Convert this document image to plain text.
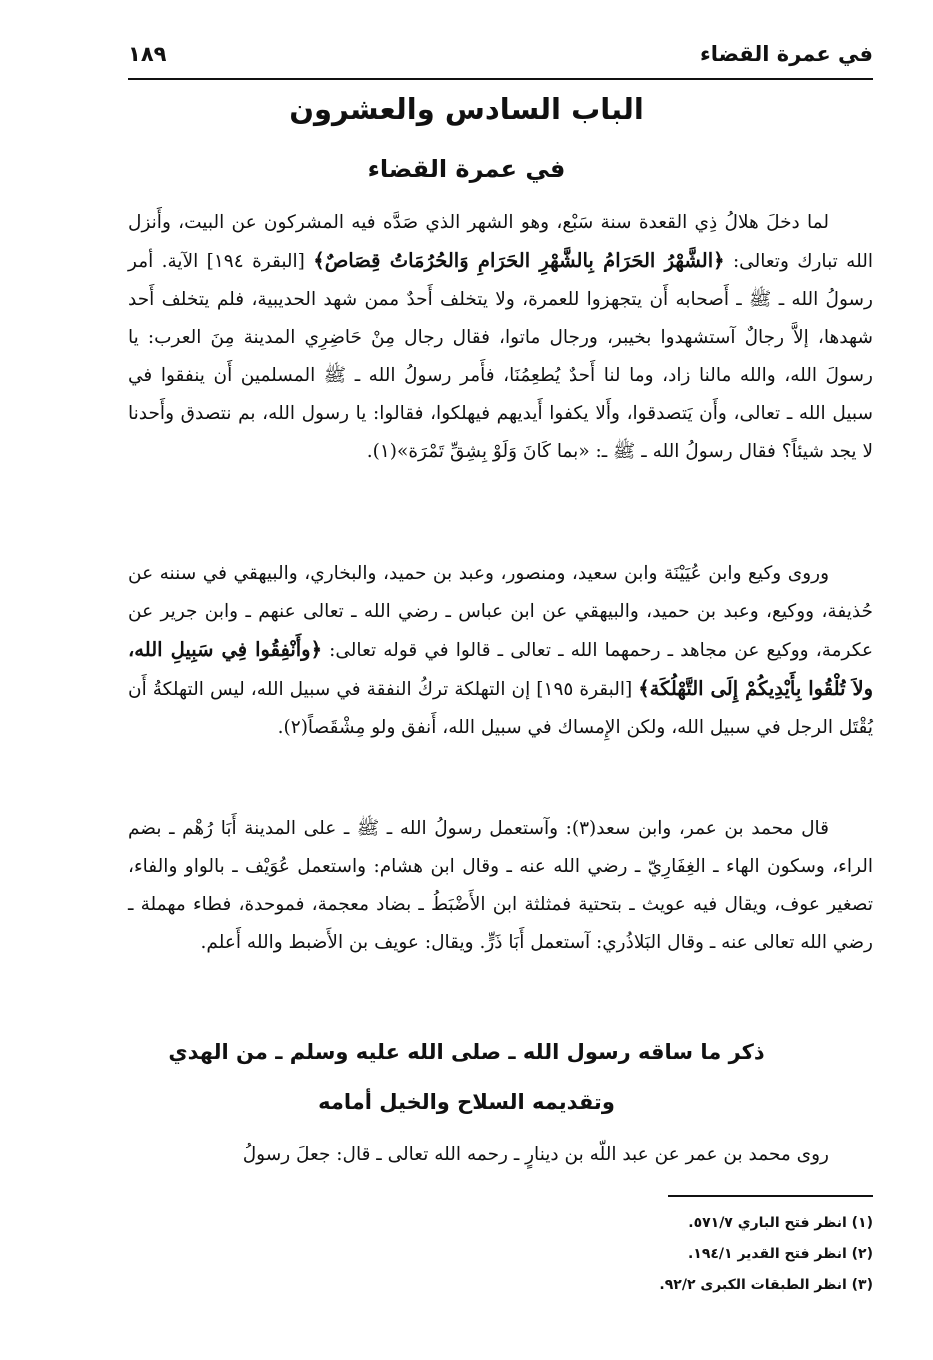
في عمرة القضاء
١٨٩
الباب السادس والعشرون
في عمرة القضاء

لما دخلَ هلالُ ذِي القعدة سنة سَبْع، وهو الشهر الذي صَدَّه فيه المشركون عن البيت، وأَنزل الله تبارك وتعالى: ﴿الشَّهْرُ الحَرَامُ بِالشَّهْرِ الحَرَامِ وَالحُرُمَاتُ قِصَاصٌ﴾ [البقرة ١٩٤] الآية. أمر رسولُ الله ـ ﷺ ـ أَصحابه أَن يتجهزوا للعمرة، ولا يتخلف أَحدٌ ممن شهد الحديبية، فلم يتخلف أَحد شهدها، إلاَّ رجالٌ آستشهدوا بخيبر، ورجال ماتوا، فقال رجال مِنْ حَاضِرِي المدينة مِنَ العرب: يا رسولَ الله، والله مالنا زاد، وما لنا أَحدٌ يُطعِمُنَا، فأَمر رسولُ الله ـ ﷺ المسلمين أَن ينفقوا في سبيل الله ـ تعالى، وأَن يَتصدقوا، وأَلا يكفوا أَيديهم فيهلكوا، فقالوا: يا رسول الله، بم نتصدق وأَحدنا لا يجد شيئاً؟ فقال رسولُ الله ـ ﷺ ـ: «بما كَانَ وَلَوْ بِشِقِّ تَمْرَة»(١).

وروى وكيع وابن عُيَيْنَة وابن سعيد، ومنصور، وعبد بن حميد، والبخاري، والبيهقي في سننه عن حُذيفة، ووكيع، وعبد بن حميد، والبيهقي عن ابن عباس ـ رضي الله ـ تعالى عنهم ـ وابن جرير عن عكرمة، ووكيع عن مجاهد ـ رحمهما الله ـ تعالى ـ قالوا في قوله تعالى: ﴿وأَنْفِقُوا فِي سَبِيلِ الله، ولاَ تُلْقُوا بِأَيْدِيكُمْ إِلَى التَّهْلُكَة﴾ [البقرة ١٩٥] إن التهلكة تركُ النفقة في سبيل الله، ليس التهلكةُ أَن يُقْتَل الرجل في سبيل الله، ولكن الإِمساك في سبيل الله، أَنفق ولو مِشْقَصاً(٢).

قال محمد بن عمر، وابن سعد(٣): وآستعمل رسولُ الله ـ ﷺ ـ على المدينة أَبَا رُهْم ـ بضم الراء، وسكون الهاء ـ الغِفَارِيّ ـ رضي الله عنه ـ وقال ابن هشام: واستعمل عُوَيْف ـ بالواو والفاء، تصغير عوف، ويقال فيه عويث ـ بتحتية فمثلثة ابن الأَضْبَطُ ـ بضاد معجمة، فموحدة، فطاء مهملة ـ رضي الله تعالى عنه ـ وقال البَلاذُري: آستعمل أَبَا ذَرٍّ. ويقال: عويف بن الأَضبط والله أَعلم.

ذكر ما ساقه رسول الله ـ صلى الله عليه وسلم ـ من الهدي
وتقديمه السلاح والخيل أمامه

روى محمد بن عمر عن عبد اللّه بن دينارٍ ـ رحمه الله تعالى ـ قال: جعلَ رسولُ

(١) انظر فتح الباري ٥٧١/٧.
(٢) انظر فتح القدير ١٩٤/١.
(٣) انظر الطبقات الكبرى ٩٢/٢.
